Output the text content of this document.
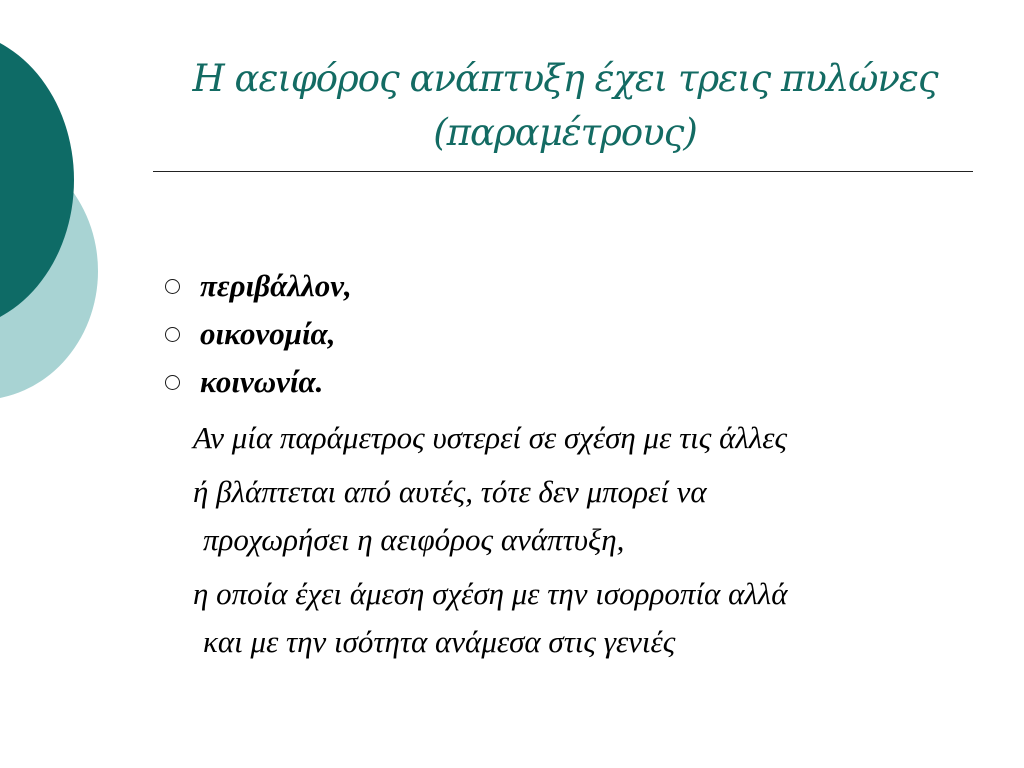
Η αειφόρος ανάπτυξη έχει τρεις πυλώνες
(παραμέτρους)
περιβάλλον,
οικονομία,
κοινωνία.
Αν μία παράμετρος υστερεί σε σχέση με τις άλλες
ή βλάπτεται από αυτές, τότε δεν μπορεί να
προχωρήσει η αειφόρος ανάπτυξη,
η οποία έχει άμεση σχέση με την ισορροπία αλλά
και με την ισότητα ανάμεσα στις γενιές
